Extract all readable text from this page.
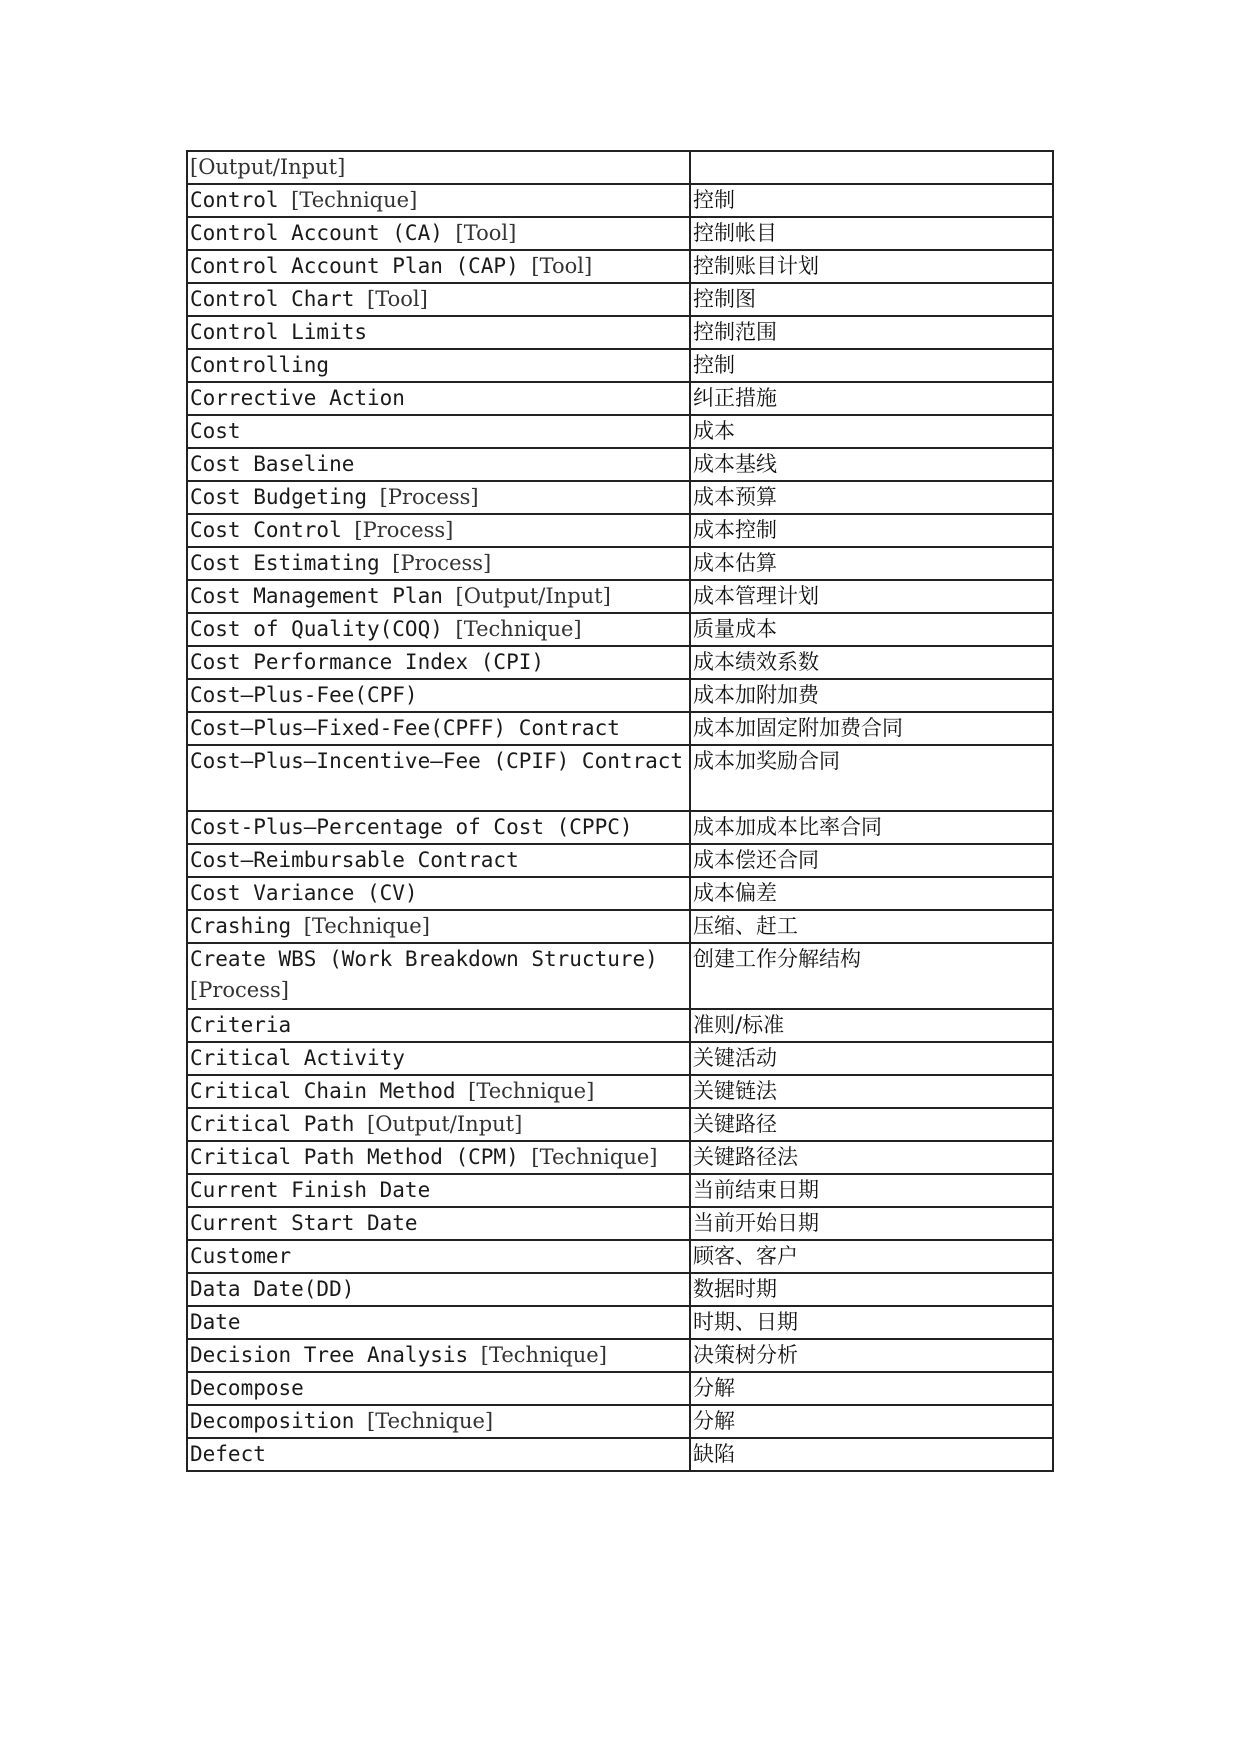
[Output/Input]	
Control [Technique]	控制
Control Account (CA) [Tool]	控制帐目
Control Account Plan (CAP) [Tool]	控制账目计划
Control Chart [Tool]	控制图
Control Limits	控制范围
Controlling	控制
Corrective Action	纠正措施
Cost	成本
Cost Baseline	成本基线
Cost Budgeting [Process]	成本预算
Cost Control [Process]	成本控制
Cost Estimating [Process]	成本估算
Cost Management Plan [Output/Input]	成本管理计划
Cost of Quality(COQ) [Technique]	质量成本
Cost Performance Index (CPI)	成本绩效系数
Cost—Plus-Fee(CPF)	成本加附加费
Cost—Plus—Fixed-Fee(CPFF) Contract	成本加固定附加费合同
Cost—Plus—Incentive—Fee (CPIF) Contract	成本加奖励合同
Cost-Plus—Percentage of Cost (CPPC)	成本加成本比率合同
Cost—Reimbursable Contract	成本偿还合同
Cost Variance (CV)	成本偏差
Crashing [Technique]	压缩、赶工
Create WBS (Work Breakdown Structure) [Process]	创建工作分解结构
Criteria	准则/标准
Critical Activity	关键活动
Critical Chain Method [Technique]	关键链法
Critical Path [Output/Input]	关键路径
Critical Path Method (CPM) [Technique]	关键路径法
Current Finish Date	当前结束日期
Current Start Date	当前开始日期
Customer	顾客、客户
Data Date(DD)	数据时期
Date	时期、日期
Decision Tree Analysis [Technique]	决策树分析
Decompose	分解
Decomposition [Technique]	分解
Defect	缺陷
